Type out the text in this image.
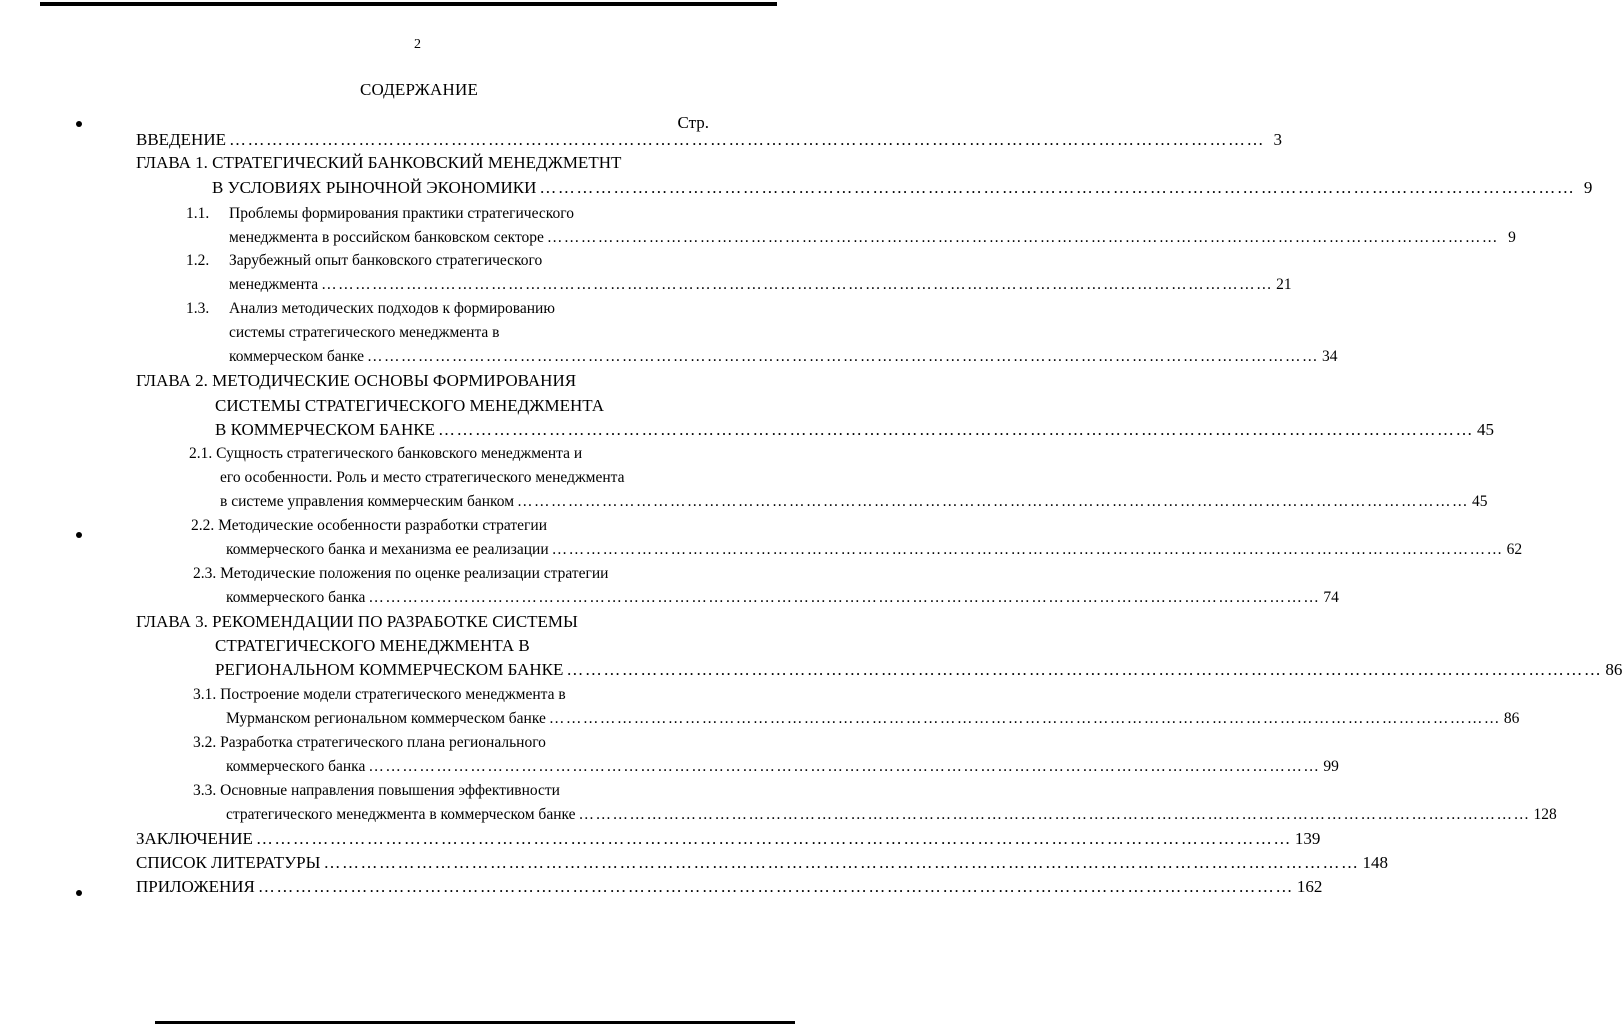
2
СОДЕРЖАНИЕ
Стр.
ВВЕДЕНИЕ …………………………………………………………………………………………………………………………………………………… 3
ГЛАВА 1. СТРАТЕГИЧЕСКИЙ БАНКОВСКИЙ МЕНЕДЖМЕТНТ
В УСЛОВИЯХ РЫНОЧНОЙ ЭКОНОМИКИ …………………………………………………………………………………………………………………………………………………… 9
1.1. Проблемы формирования практики стратегического
менеджмента в российском банковском секторе …………………………………………………………………………………………………………………………………………………… 9
1.2. Зарубежный опыт банковского стратегического
менеджмента …………………………………………………………………………………………………………………………………………………… 21
1.3. Анализ методических подходов к формированию
системы стратегического менеджмента в
коммерческом банке …………………………………………………………………………………………………………………………………………………… 34
ГЛАВА 2. МЕТОДИЧЕСКИЕ ОСНОВЫ ФОРМИРОВАНИЯ
СИСТЕМЫ СТРАТЕГИЧЕСКОГО МЕНЕДЖМЕНТА
В КОММЕРЧЕСКОМ БАНКЕ …………………………………………………………………………………………………………………………………………………… 45
2.1. Сущность стратегического банковского менеджмента и
его особенности. Роль и место стратегического менеджмента
в системе управления коммерческим банком …………………………………………………………………………………………………………………………………………………… 45
2.2. Методические особенности разработки стратегии
коммерческого банка и механизма ее реализации …………………………………………………………………………………………………………………………………………………… 62
2.3. Методические положения по оценке реализации стратегии
коммерческого банка …………………………………………………………………………………………………………………………………………………… 74
ГЛАВА 3. РЕКОМЕНДАЦИИ ПО РАЗРАБОТКЕ СИСТЕМЫ
СТРАТЕГИЧЕСКОГО МЕНЕДЖМЕНТА В
РЕГИОНАЛЬНОМ КОММЕРЧЕСКОМ БАНКЕ …………………………………………………………………………………………………………………………………………………… 86
3.1. Построение модели стратегического менеджмента в
Мурманском региональном коммерческом банке …………………………………………………………………………………………………………………………………………………… 86
3.2. Разработка стратегического плана регионального
коммерческого банка …………………………………………………………………………………………………………………………………………………… 99
3.3. Основные направления повышения эффективности
стратегического менеджмента в коммерческом банке …………………………………………………………………………………………………………………………………………………… 128
ЗАКЛЮЧЕНИЕ …………………………………………………………………………………………………………………………………………………… 139
СПИСОК ЛИТЕРАТУРЫ …………………………………………………………………………………………………………………………………………………… 148
ПРИЛОЖЕНИЯ …………………………………………………………………………………………………………………………………………………… 162
